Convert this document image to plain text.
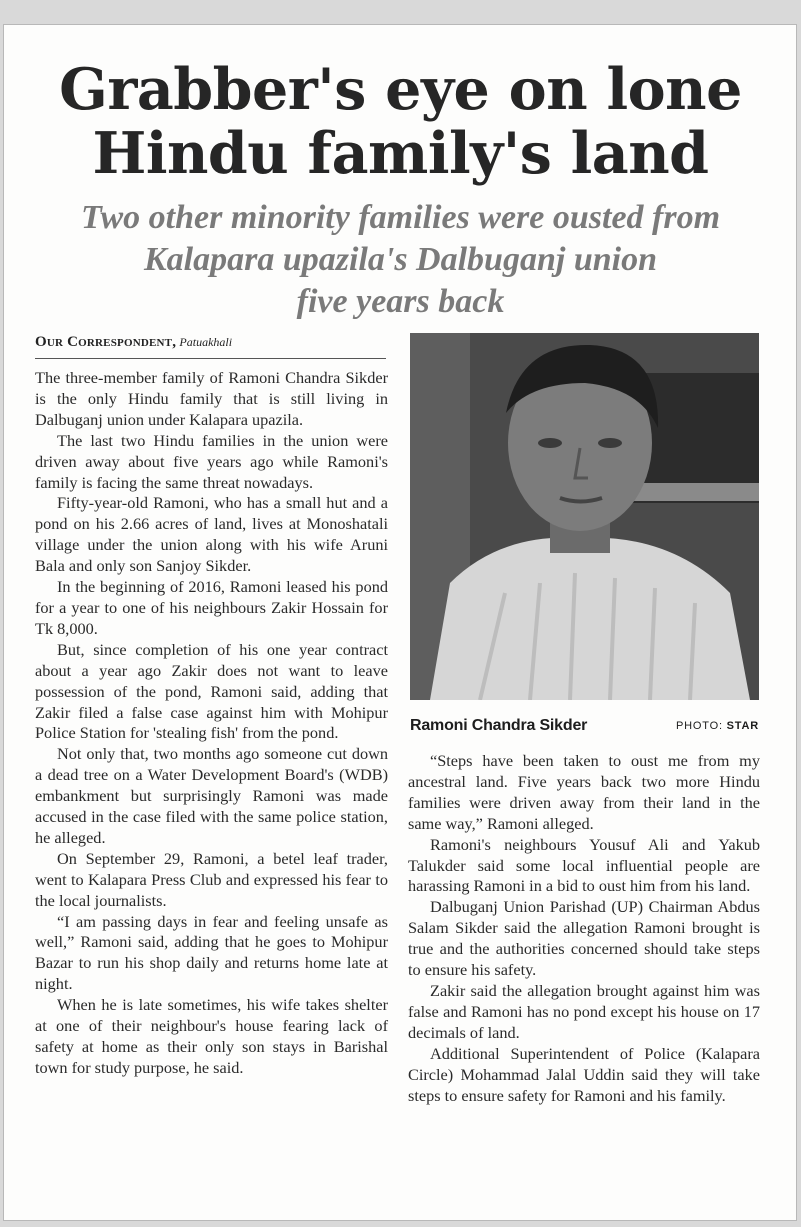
Grabber's eye on lone
Hindu family's land
Two other minority families were ousted from
Kalapara upazila's Dalbuganj union
five years back
Our Correspondent, Patuakhali

The three-member family of Ramoni Chandra Sikder is the only Hindu family that is still living in Dalbuganj union under Kalapara upazila.

The last two Hindu families in the union were driven away about five years ago while Ramoni's family is facing the same threat nowadays.

Fifty-year-old Ramoni, who has a small hut and a pond on his 2.66 acres of land, lives at Monoshatali village under the union along with his wife Aruni Bala and only son Sanjoy Sikder.

In the beginning of 2016, Ramoni leased his pond for a year to one of his neighbours Zakir Hossain for Tk 8,000.

But, since completion of his one year contract about a year ago Zakir does not want to leave possession of the pond, Ramoni said, adding that Zakir filed a false case against him with Mohipur Police Station for 'stealing fish' from the pond.

Not only that, two months ago someone cut down a dead tree on a Water Development Board's (WDB) embankment but surprisingly Ramoni was made accused in the case filed with the same police station, he alleged.

On September 29, Ramoni, a betel leaf trader, went to Kalapara Press Club and expressed his fear to the local journalists.

“I am passing days in fear and feeling unsafe as well,” Ramoni said, adding that he goes to Mohipur Bazar to run his shop daily and returns home late at night.

When he is late sometimes, his wife takes shelter at one of their neighbour's house fearing lack of safety at home as their only son stays in Barishal town for study purpose, he said.

Ramoni Chandra Sikder	PHOTO: STAR

“Steps have been taken to oust me from my ancestral land. Five years back two more Hindu families were driven away from their land in the same way,” Ramoni alleged.

Ramoni's neighbours Yousuf Ali and Yakub Talukder said some local influential people are harassing Ramoni in a bid to oust him from his land.

Dalbuganj Union Parishad (UP) Chairman Abdus Salam Sikder said the allegation Ramoni brought is true and the authorities concerned should take steps to ensure his safety.

Zakir said the allegation brought against him was false and Ramoni has no pond except his house on 17 decimals of land.

Additional Superintendent of Police (Kalapara Circle) Mohammad Jalal Uddin said they will take steps to ensure safety for Ramoni and his family.
